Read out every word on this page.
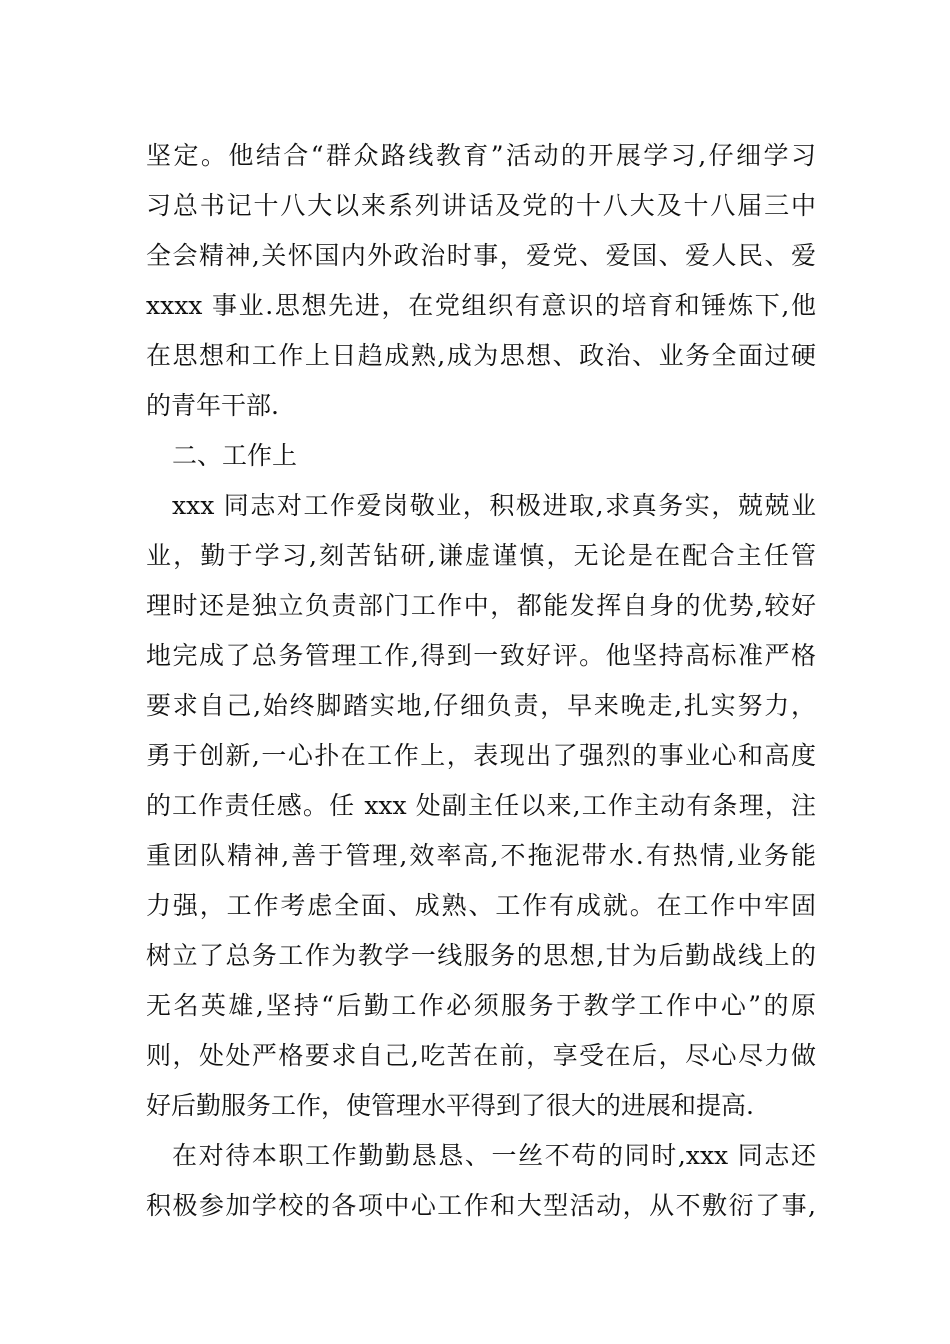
坚定。他结合“群众路线教育”活动的开展学习,仔细学习
习总书记十八大以来系列讲话及党的十八大及十八届三中
全会精神,关怀国内外政治时事，爱党、爱国、爱人民、爱
xxxx 事业.思想先进，在党组织有意识的培育和锤炼下,他
在思想和工作上日趋成熟,成为思想、政治、业务全面过硬
的青年干部.
二、工作上
xxx 同志对工作爱岗敬业，积极进取,求真务实，兢兢业
业，勤于学习,刻苦钻研,谦虚谨慎，无论是在配合主任管
理时还是独立负责部门工作中，都能发挥自身的优势,较好
地完成了总务管理工作,得到一致好评。他坚持高标准严格
要求自己,始终脚踏实地,仔细负责，早来晚走,扎实努力，
勇于创新,一心扑在工作上，表现出了强烈的事业心和高度
的工作责任感。任 xxx 处副主任以来,工作主动有条理，注
重团队精神,善于管理,效率高,不拖泥带水.有热情,业务能
力强，工作考虑全面、成熟、工作有成就。在工作中牢固
树立了总务工作为教学一线服务的思想,甘为后勤战线上的
无名英雄,坚持“后勤工作必须服务于教学工作中心”的原
则，处处严格要求自己,吃苦在前，享受在后，尽心尽力做
好后勤服务工作，使管理水平得到了很大的进展和提高.
在对待本职工作勤勤恳恳、一丝不苟的同时,xxx 同志还
积极参加学校的各项中心工作和大型活动，从不敷衍了事,
